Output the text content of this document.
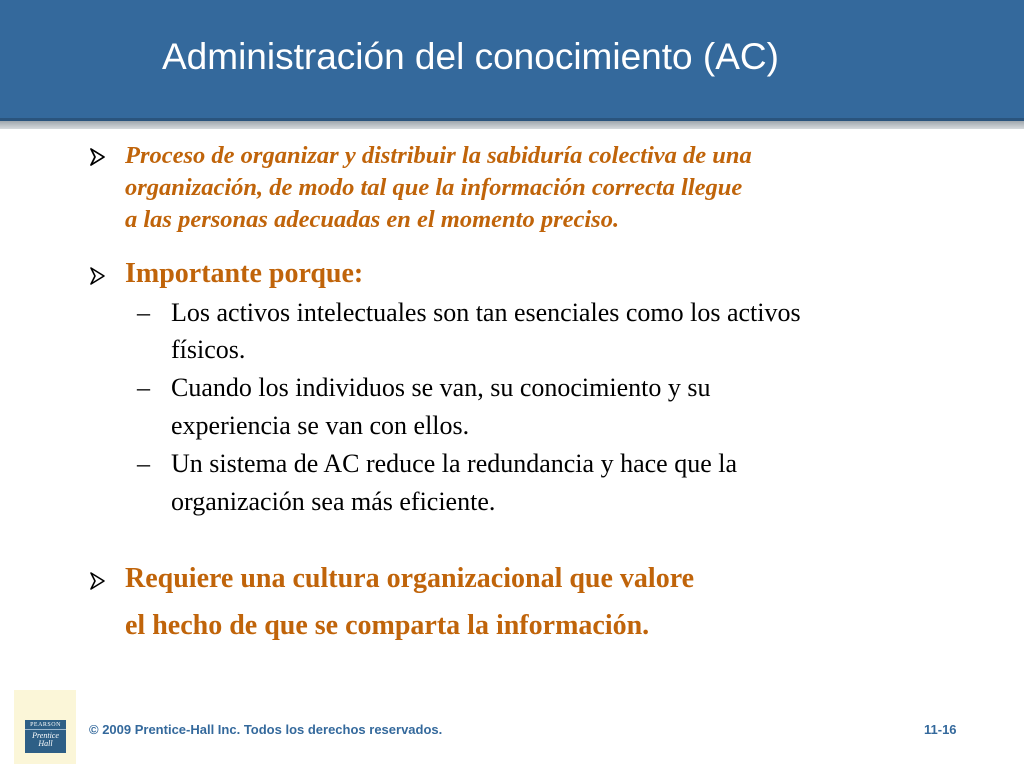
Administración del conocimiento (AC)
Proceso de organizar y distribuir la sabiduría colectiva de una
organización, de modo tal que la información correcta llegue
a las personas adecuadas en el momento preciso.
Importante porque:
– Los activos intelectuales son tan esenciales como los activos
físicos.
– Cuando los individuos se van, su conocimiento y su
experiencia se van con ellos.
– Un sistema de AC reduce la redundancia y hace que la
organización sea más eficiente.
Requiere una cultura organizacional que valore
el hecho de que se comparta la información.
PEARSON
Prentice
Hall
© 2009 Prentice-Hall Inc. Todos los derechos reservados.	11-16
